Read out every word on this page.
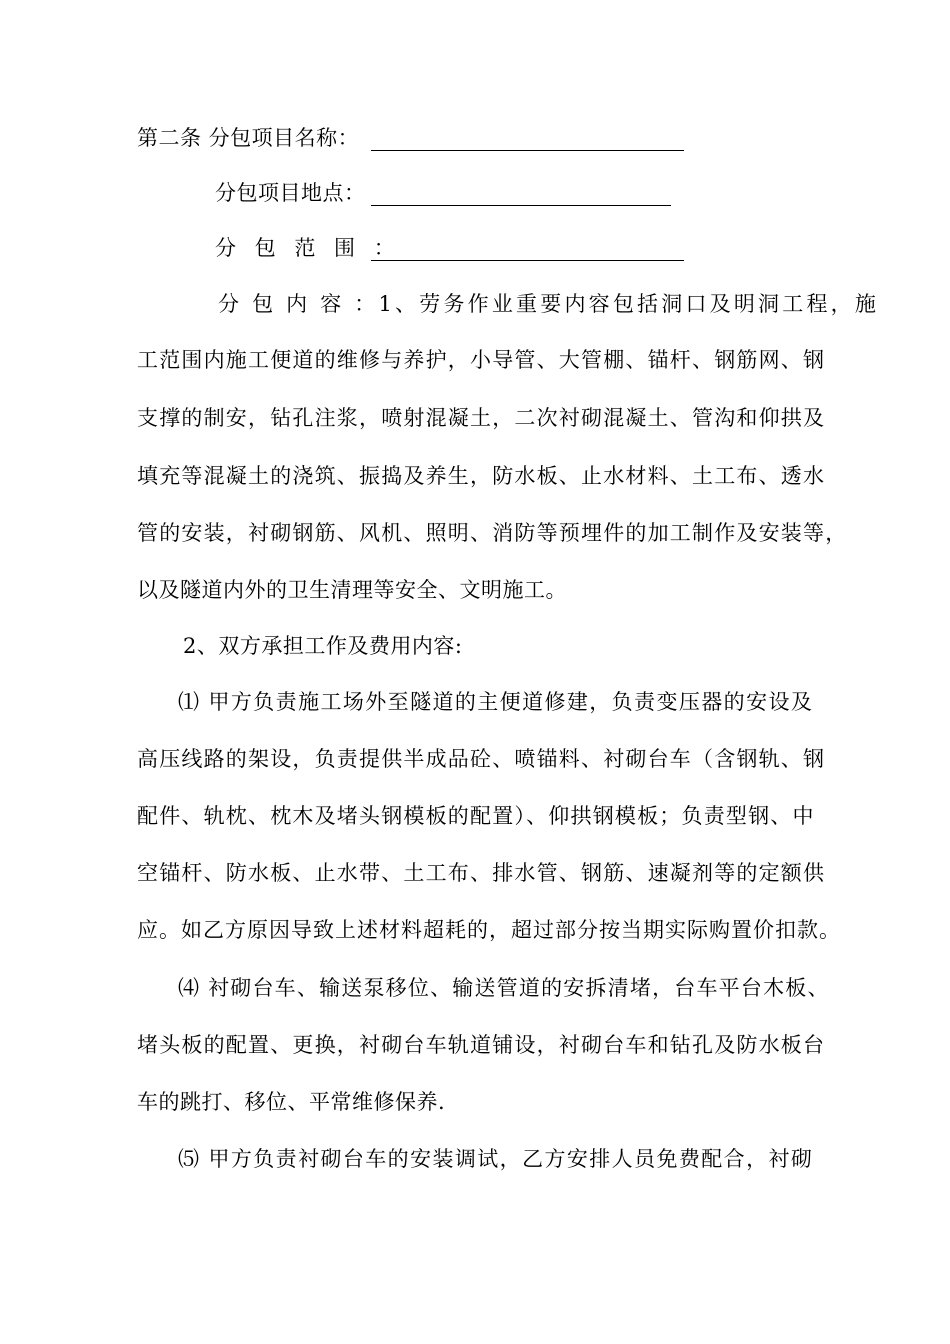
第二条 分包项目名称：
分包项目地点：
分 包 范 围 ：
分 包 内 容 ：1、劳务作业重要内容包括洞口及明洞工程，施
工范围内施工便道的维修与养护，小导管、大管棚、锚杆、钢筋网、钢
支撑的制安，钻孔注浆，喷射混凝土，二次衬砌混凝土、管沟和仰拱及
填充等混凝土的浇筑、振捣及养生，防水板、止水材料、土工布、透水
管的安装，衬砌钢筋、风机、照明、消防等预埋件的加工制作及安装等，
以及隧道内外的卫生清理等安全、文明施工。
2、双方承担工作及费用内容:
⑴ 甲方负责施工场外至隧道的主便道修建，负责变压器的安设及
高压线路的架设，负责提供半成品砼、喷锚料、衬砌台车（含钢轨、钢
配件、轨枕、枕木及堵头钢模板的配置）、仰拱钢模板；负责型钢、中
空锚杆、防水板、止水带、土工布、排水管、钢筋、速凝剂等的定额供
应。如乙方原因导致上述材料超耗的，超过部分按当期实际购置价扣款。
⑷ 衬砌台车、输送泵移位、输送管道的安拆清堵，台车平台木板、
堵头板的配置、更换，衬砌台车轨道铺设，衬砌台车和钻孔及防水板台
车的跳打、移位、平常维修保养.
⑸ 甲方负责衬砌台车的安装调试，乙方安排人员免费配合，衬砌
